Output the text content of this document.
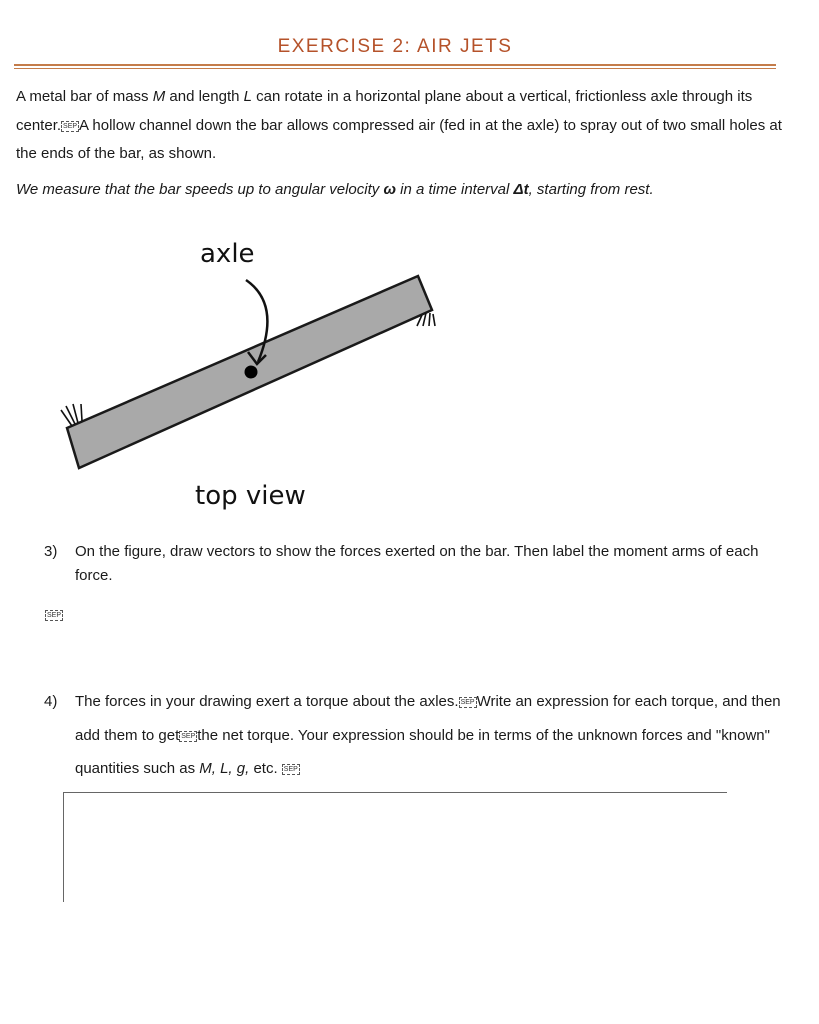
EXERCISE 2: AIR JETS

A metal bar of mass M and length L can rotate in a horizontal plane about a vertical, frictionless axle through its center. SEP A hollow channel down the bar allows compressed air (fed in at the axle) to spray out of two small holes at the ends of the bar, as shown.

We measure that the bar speeds up to angular velocity ω in a time interval Δt, starting from rest.

axle
top view
3) On the figure, draw vectors to show the forces exerted on the bar. Then label the moment arms of each force.

SEP
4) The forces in your drawing exert a torque about the axles. SEP Write an expression for each torque, and then add them to get SEP the net torque. Your expression should be in terms of the unknown forces and "known" quantities such as M, L, g, etc. SEP
